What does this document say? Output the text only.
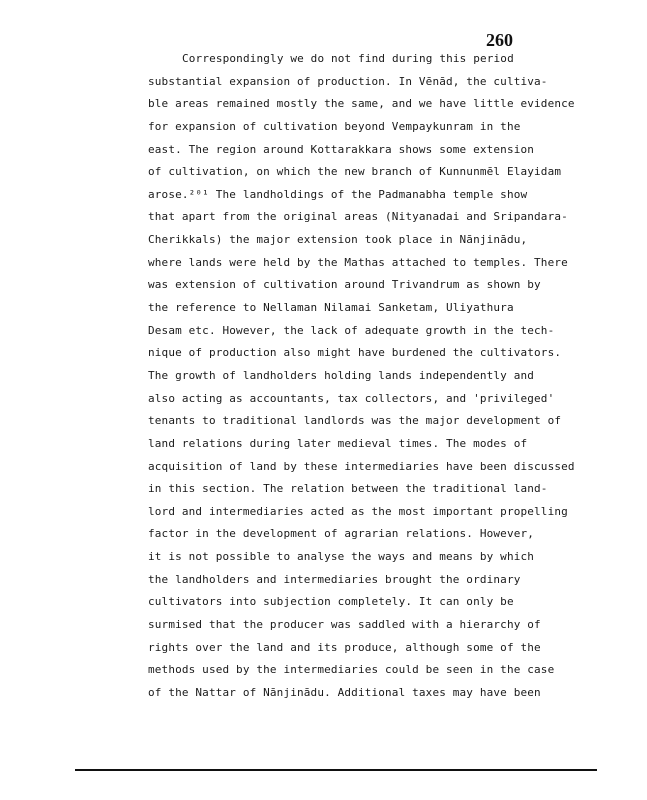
260
Correspondingly we do not find during this period
substantial expansion of production. In Vēnād, the cultiva-
ble areas remained mostly the same, and we have little evidence
for expansion of cultivation beyond Vempaykunram in the
east. The region around Kottarakkara shows some extension
of cultivation, on which the new branch of Kunnunmēl Elayidam
arose.²⁰¹ The landholdings of the Padmanabha temple show
that apart from the original areas (Nityanadai and Sripandara-
Cherikkals) the major extension took place in Nānjinādu,
where lands were held by the Mathas attached to temples. There
was extension of cultivation around Trivandrum as shown by
the reference to Nellaman Nilamai Sanketam, Uliyathura
Desam etc. However, the lack of adequate growth in the tech-
nique of production also might have burdened the cultivators.
The growth of landholders holding lands independently and
also acting as accountants, tax collectors, and 'privileged'
tenants to traditional landlords was the major development of
land relations during later medieval times. The modes of
acquisition of land by these intermediaries have been discussed
in this section. The relation between the traditional land-
lord and intermediaries acted as the most important propelling
factor in the development of agrarian relations. However,
it is not possible to analyse the ways and means by which
the landholders and intermediaries brought the ordinary
cultivators into subjection completely. It can only be
surmised that the producer was saddled with a hierarchy of
rights over the land and its produce, although some of the
methods used by the intermediaries could be seen in the case
of the Nattar of Nānjinādu. Additional taxes may have been
